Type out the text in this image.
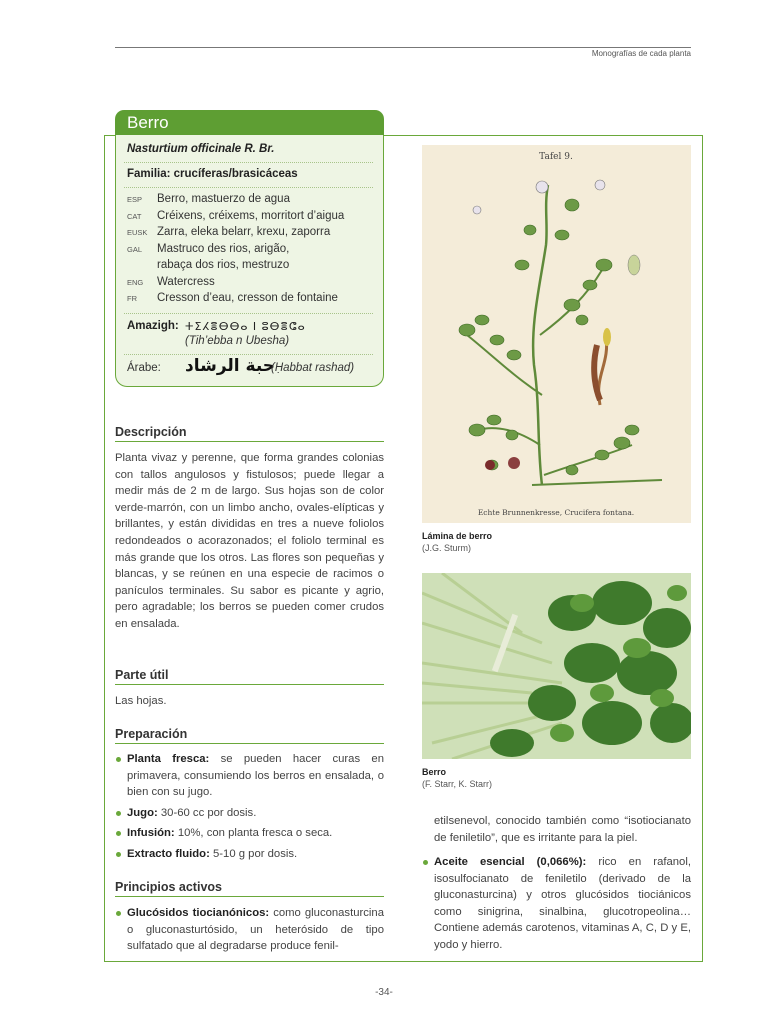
Monografías de cada planta
Berro
Nasturtium officinale R. Br.
Familia: crucíferas/brasicáceas
ESP Berro, mastuerzo de agua
CAT Créixens, créixems, morritort d’aigua
EUSK Zarra, eleka belarr, krexu, zaporra
GAL Mastruco des rios, arigão,
rabaça dos rios, mestruzo
ENG Watercress
FR Cresson d’eau, cresson de fontaine
Amazigh: ⵜⵉⵃⴻⴱⴱⴰ ⵏ ⵓⴱⴻⵛⴰ
(Tih’ebba n Ubesha)
Árabe: حبة الرشاد
(Ḥabbat rashad)
Descripción
Planta vivaz y perenne, que forma grandes colonias con tallos angulosos y fistulosos; puede llegar a medir más de 2 m de largo. Sus hojas son de color verde-marrón, con un limbo ancho, ovales-elípticas y brillantes, y están divididas en tres a nueve foliolos redondeados o acorazonados; el foliolo terminal es más grande que los otros. Las flores son pequeñas y blancas, y se reúnen en una especie de racimos o panículos terminales. Su sabor es picante y agrio, pero agradable; los berros se pueden comer crudos en ensalada.
Parte útil
Las hojas.
Preparación
Planta fresca: se pueden hacer curas en primavera, consumiendo los berros en ensalada, o bien con su jugo.
Jugo: 30-60 cc por dosis.
Infusión: 10%, con planta fresca o seca.
Extracto fluido: 5-10 g por dosis.
Principios activos
Glucósidos tiocianónicos: como gluconasturcina o gluconasturtósido, un heterósido de tipo sulfatado que al degradarse produce fenil-
Tafel 9.
Echte Brunnenkresse, Crucifera fontana.
Lámina de berro
(J.G. Sturm)
Berro
(F. Starr, K. Starr)
etilsenevol, conocido también como “isotiocianato de feniletilo”, que es irritante para la piel.
Aceite esencial (0,066%): rico en rafanol, isosulfocianato de feniletilo (derivado de la gluconasturcina) y otros glucósidos tiociánicos como sinigrina, sinalbina, glucotropeolina… Contiene además carotenos, vitaminas A, C, D y E, yodo y hierro.
-34-
